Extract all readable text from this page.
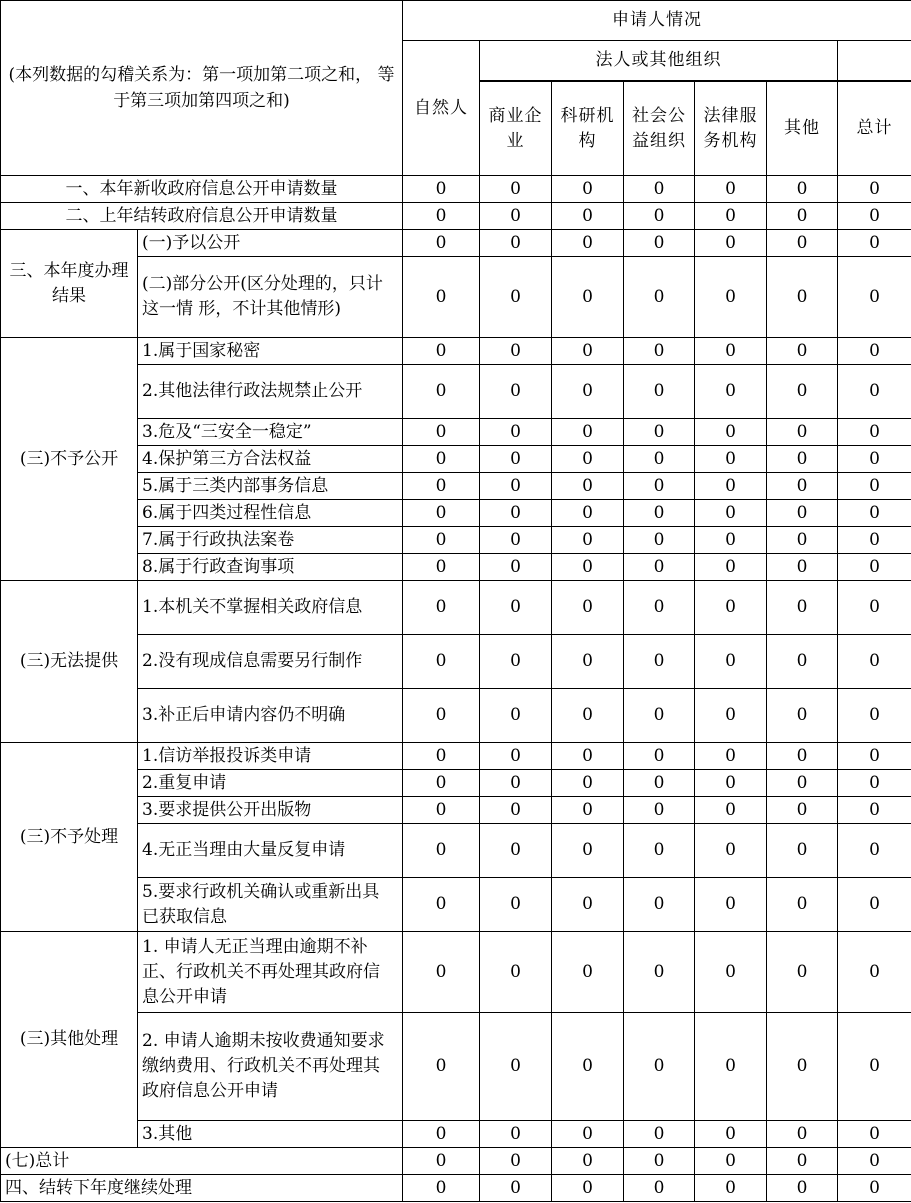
(本列数据的勾稽关系为：第一项加第二项之和， 等于第三项加第四项之和)		申请人情况						
		自然人	法人或其他组织					

			商业企业	科研机构	社会公益组织	法律服务机构	其他	总计
一、本年新收政府信息公开申请数量		0	0	0	0	0	0	0
二、上年结转政府信息公开申请数量		0	0	0	0	0	0	0
三、本年度办理结果	(一)予以公开	0	0	0	0	0	0	0
	(二)部分公开(区分处理的，只计这一情 形，不计其他情形)	0	0	0	0	0	0	0
(三)不予公开	1.属于国家秘密	0	0	0	0	0	0	0
	2.其他法律行政法规禁止公开	0	0	0	0	0	0	0
	3.危及“三安全一稳定”	0	0	0	0	0	0	0
	4.保护第三方合法权益	0	0	0	0	0	0	0
	5.属于三类内部事务信息	0	0	0	0	0	0	0
	6.属于四类过程性信息	0	0	0	0	0	0	0
	7.属于行政执法案卷	0	0	0	0	0	0	0
	8.属于行政查询事项	0	0	0	0	0	0	0
(三)无法提供	1.本机关不掌握相关政府信息	0	0	0	0	0	0	0
	2.没有现成信息需要另行制作	0	0	0	0	0	0	0
	3.补正后申请内容仍不明确	0	0	0	0	0	0	0
(三)不予处理	1.信访举报投诉类申请	0	0	0	0	0	0	0
	2.重复申请	0	0	0	0	0	0	0
	3.要求提供公开出版物	0	0	0	0	0	0	0
	4.无正当理由大量反复申请	0	0	0	0	0	0	0
	5.要求行政机关确认或重新出具 已获取信息	0	0	0	0	0	0	0
(三)其他处理	1. 申请人无正当理由逾期不补 正、行政机关不再处理其政府信 息公开申请	0	0	0	0	0	0	0
	2. 申请人逾期未按收费通知要求 缴纳费用、行政机关不再处理其 政府信息公开申请	0	0	0	0	0	0	0
	3.其他	0	0	0	0	0	0	0
(七)总计		0	0	0	0	0	0	0
四、结转下年度继续处理		0	0	0	0	0	0	0
